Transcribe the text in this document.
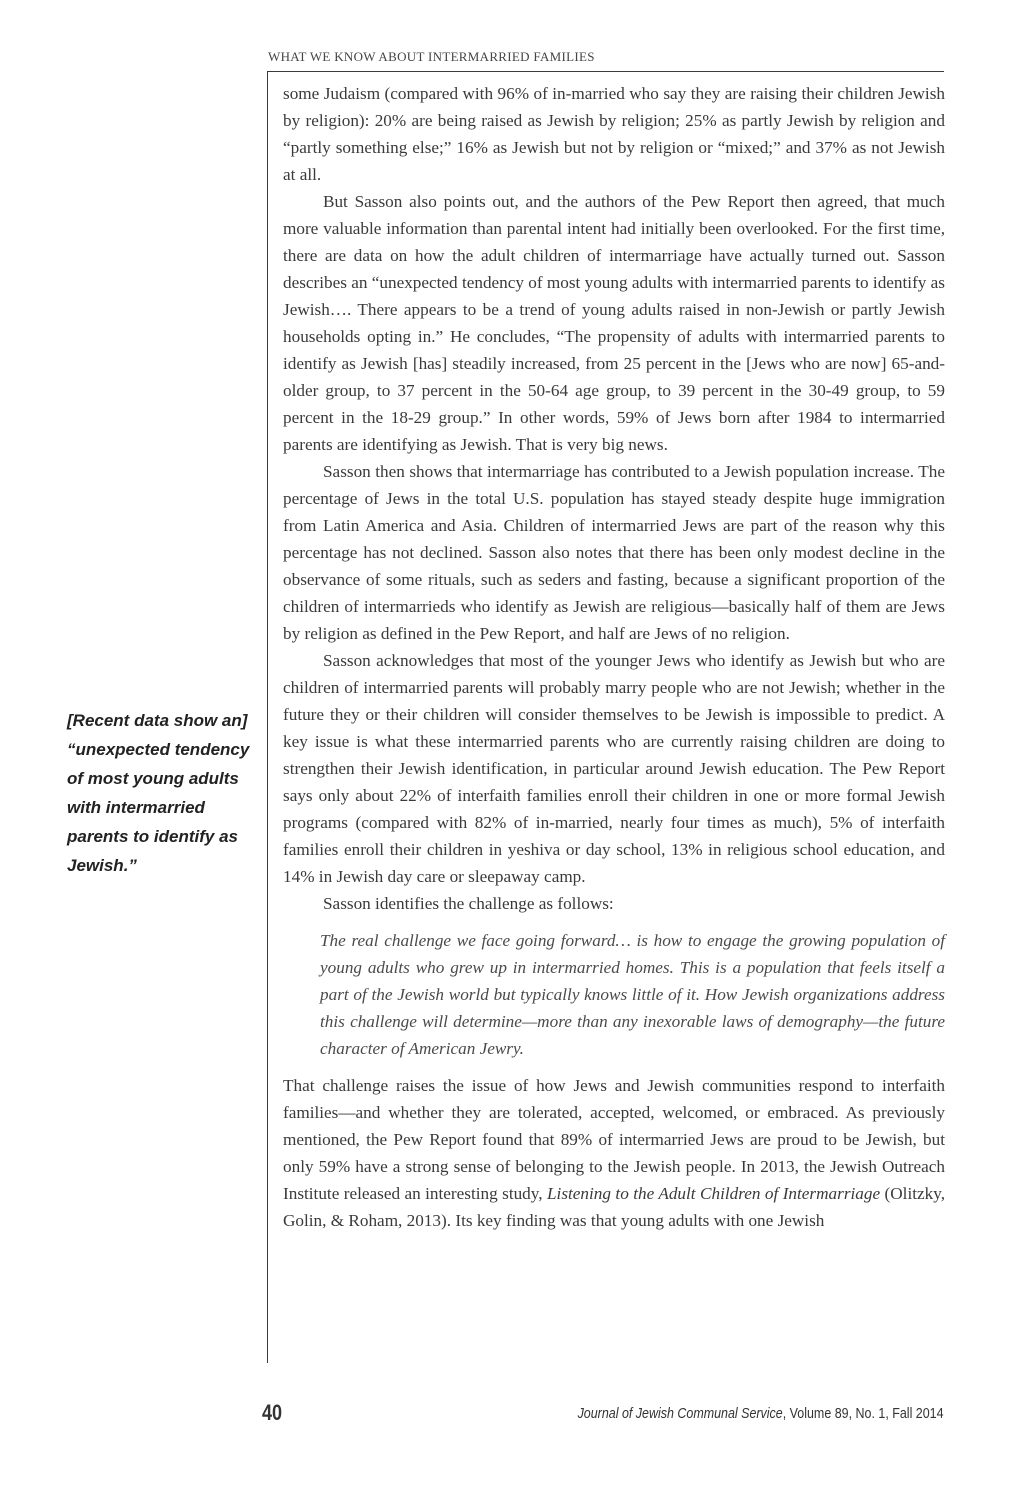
WHAT WE KNOW ABOUT INTERMARRIED FAMILIES
[Recent data show an] “unexpected tendency of most young adults with intermarried parents to identify as Jewish.”

some Judaism (compared with 96% of in-married who say they are raising their children Jewish by religion): 20% are being raised as Jewish by religion; 25% as partly Jewish by religion and “partly something else;” 16% as Jewish but not by religion or “mixed;” and 37% as not Jewish at all.

But Sasson also points out, and the authors of the Pew Report then agreed, that much more valuable information than parental intent had initially been overlooked. For the first time, there are data on how the adult children of intermarriage have actually turned out. Sasson describes an “unexpected tendency of most young adults with intermarried parents to identify as Jewish…. There appears to be a trend of young adults raised in non-Jewish or partly Jewish households opting in.” He concludes, “The propensity of adults with intermarried parents to identify as Jewish [has] steadily increased, from 25 percent in the [Jews who are now] 65-and-older group, to 37 percent in the 50-64 age group, to 39 percent in the 30-49 group, to 59 percent in the 18-29 group.” In other words, 59% of Jews born after 1984 to intermarried parents are identifying as Jewish. That is very big news.

Sasson then shows that intermarriage has contributed to a Jewish population increase. The percentage of Jews in the total U.S. population has stayed steady despite huge immigration from Latin America and Asia. Children of intermarried Jews are part of the reason why this percentage has not declined. Sasson also notes that there has been only modest decline in the observance of some rituals, such as seders and fasting, because a significant proportion of the children of intermarrieds who identify as Jewish are religious—basically half of them are Jews by religion as defined in the Pew Report, and half are Jews of no religion.

Sasson acknowledges that most of the younger Jews who identify as Jewish but who are children of intermarried parents will probably marry people who are not Jewish; whether in the future they or their children will consider themselves to be Jewish is impossible to predict. A key issue is what these intermarried parents who are currently raising children are doing to strengthen their Jewish identification, in particular around Jewish education. The Pew Report says only about 22% of interfaith families enroll their children in one or more formal Jewish programs (compared with 82% of in-married, nearly four times as much), 5% of interfaith families enroll their children in yeshiva or day school, 13% in religious school education, and 14% in Jewish day care or sleepaway camp.

Sasson identifies the challenge as follows:

The real challenge we face going forward… is how to engage the growing population of young adults who grew up in intermarried homes. This is a population that feels itself a part of the Jewish world but typically knows little of it. How Jewish organizations address this challenge will determine—more than any inexorable laws of demography—the future character of American Jewry.

That challenge raises the issue of how Jews and Jewish communities respond to interfaith families—and whether they are tolerated, accepted, welcomed, or embraced. As previously mentioned, the Pew Report found that 89% of intermarried Jews are proud to be Jewish, but only 59% have a strong sense of belonging to the Jewish people. In 2013, the Jewish Outreach Institute released an interesting study, Listening to the Adult Children of Intermarriage (Olitzky, Golin, & Roham, 2013). Its key finding was that young adults with one Jewish

40	Journal of Jewish Communal Service, Volume 89, No. 1, Fall 2014
